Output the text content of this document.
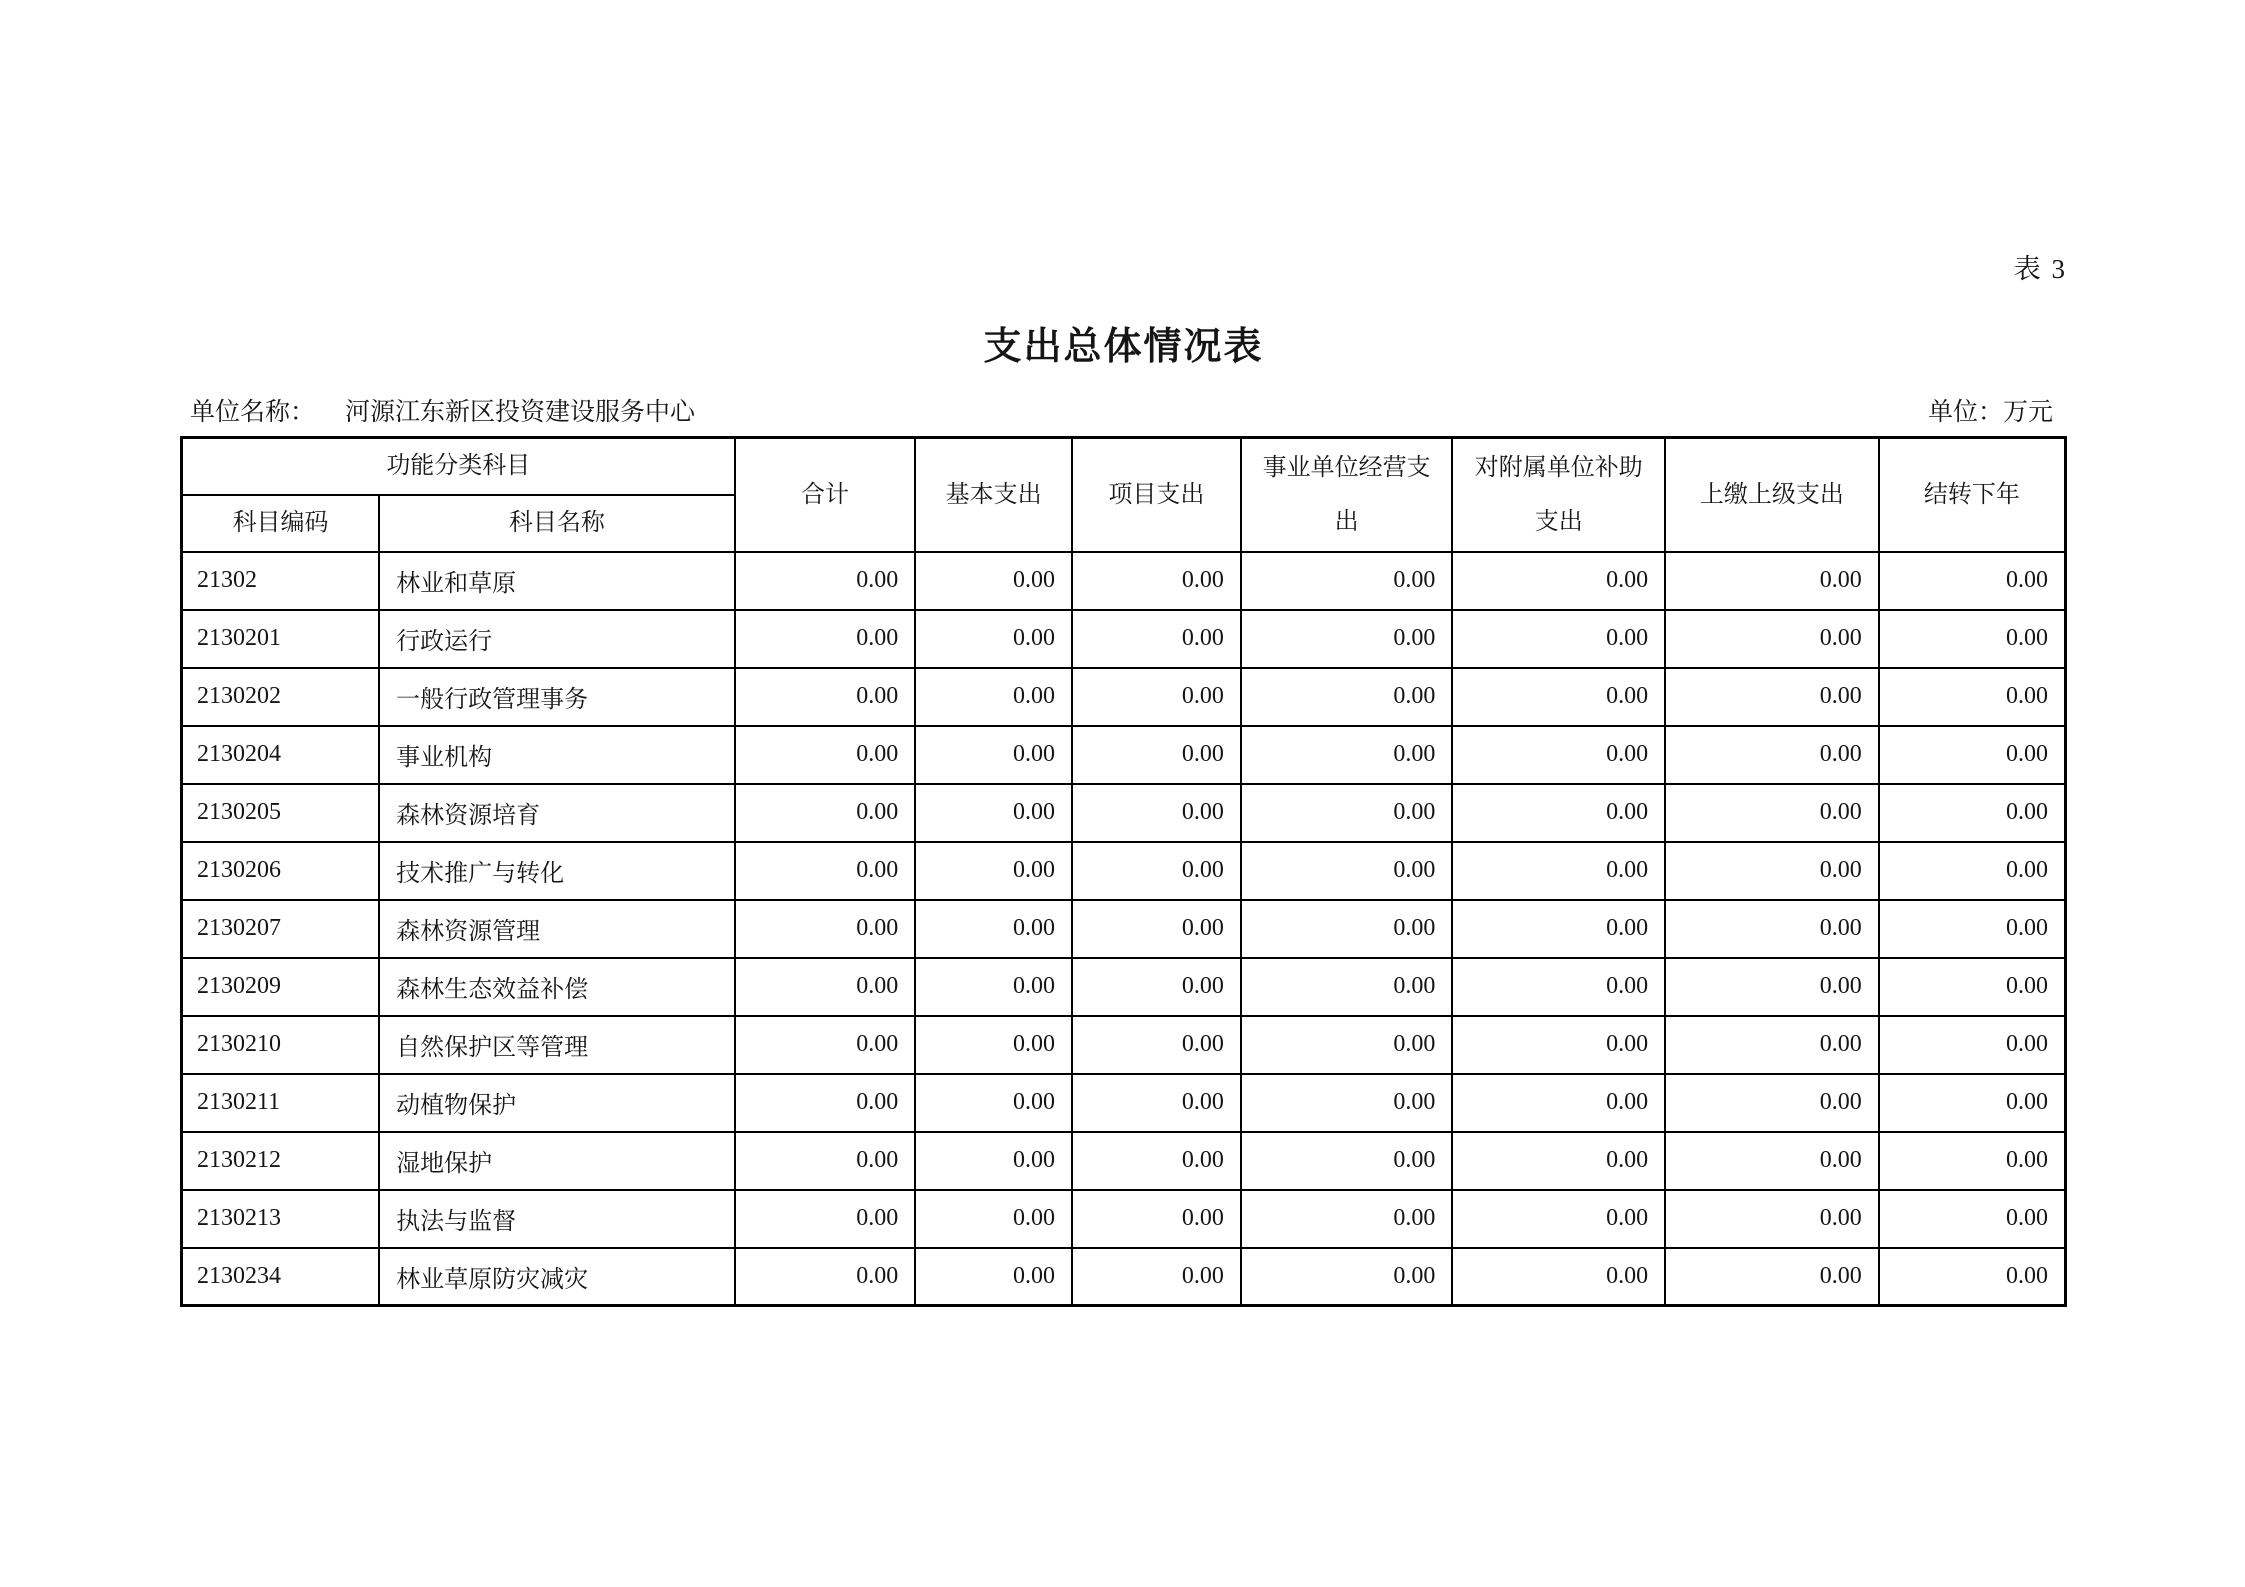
表 3
支出总体情况表
单位名称： 河源江东新区投资建设服务中心	单位：万元
功能分类科目		合计	基本支出	项目支出	事业单位经营支出	对附属单位补助支出	上缴上级支出	结转下年
科目编码	科目名称							
21302	林业和草原	0.00	0.00	0.00	0.00	0.00	0.00	0.00
2130201	行政运行	0.00	0.00	0.00	0.00	0.00	0.00	0.00
2130202	一般行政管理事务	0.00	0.00	0.00	0.00	0.00	0.00	0.00
2130204	事业机构	0.00	0.00	0.00	0.00	0.00	0.00	0.00
2130205	森林资源培育	0.00	0.00	0.00	0.00	0.00	0.00	0.00
2130206	技术推广与转化	0.00	0.00	0.00	0.00	0.00	0.00	0.00
2130207	森林资源管理	0.00	0.00	0.00	0.00	0.00	0.00	0.00
2130209	森林生态效益补偿	0.00	0.00	0.00	0.00	0.00	0.00	0.00
2130210	自然保护区等管理	0.00	0.00	0.00	0.00	0.00	0.00	0.00
2130211	动植物保护	0.00	0.00	0.00	0.00	0.00	0.00	0.00
2130212	湿地保护	0.00	0.00	0.00	0.00	0.00	0.00	0.00
2130213	执法与监督	0.00	0.00	0.00	0.00	0.00	0.00	0.00
2130234	林业草原防灾减灾	0.00	0.00	0.00	0.00	0.00	0.00	0.00
